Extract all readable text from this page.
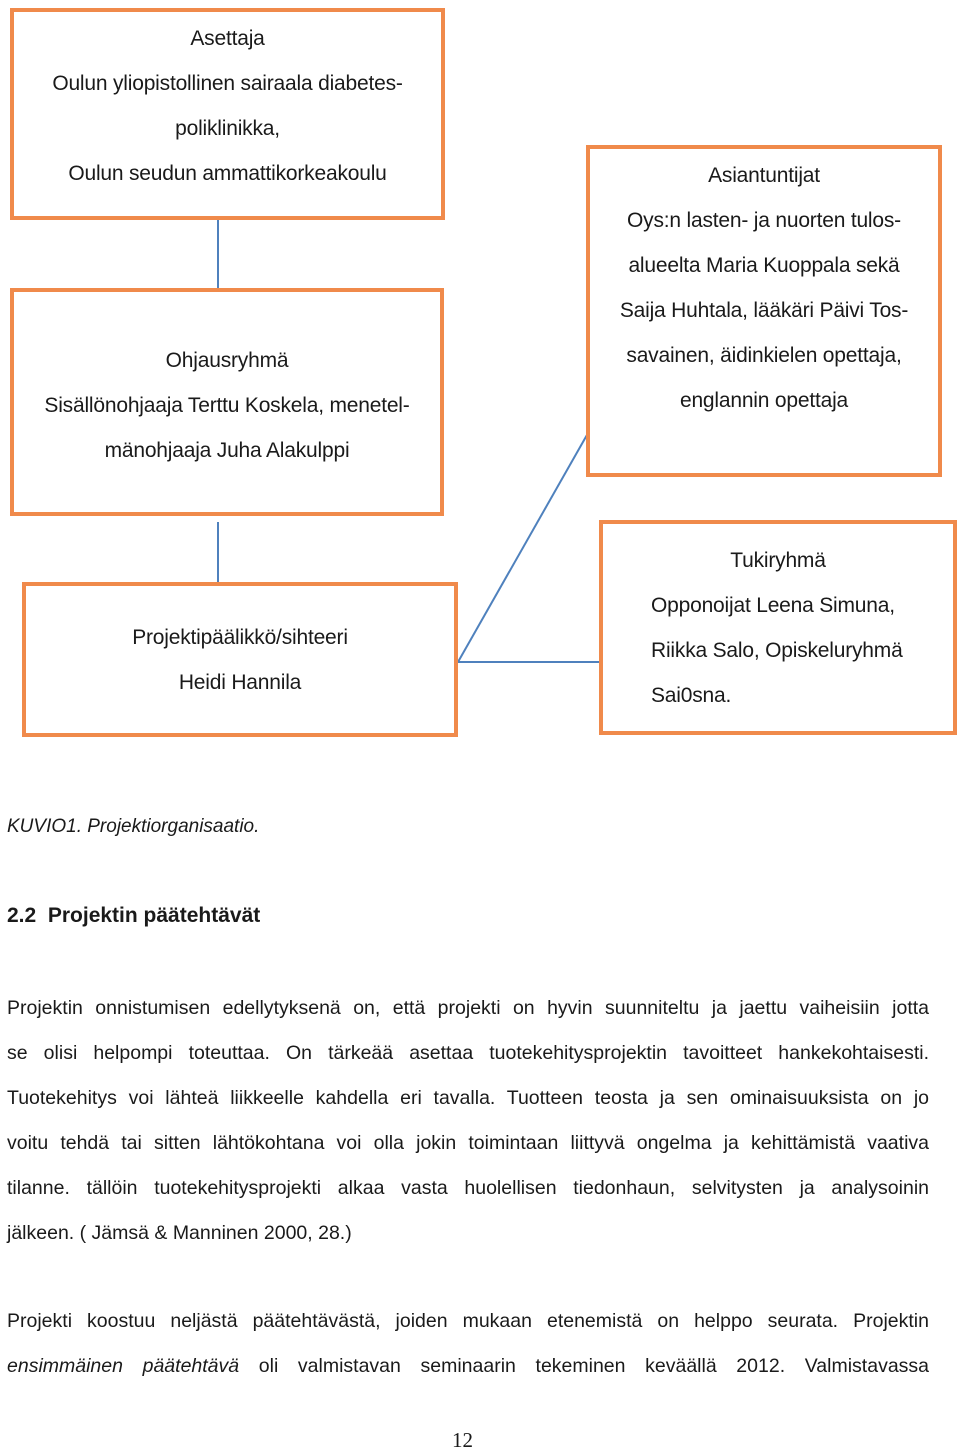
Asettaja
Oulun yliopistollinen sairaala diabetes-
poliklinikka,
Oulun seudun ammattikorkeakoulu
Ohjausryhmä
Sisällönohjaaja Terttu Koskela, menetel-
mänohjaaja Juha Alakulppi
Asiantuntijat
Oys:n lasten- ja nuorten tulos-
alueelta Maria Kuoppala sekä
Saija Huhtala, lääkäri Päivi Tos-
savainen, äidinkielen opettaja,
englannin opettaja
Projektipäälikkö/sihteeri
Heidi Hannila
Tukiryhmä
Opponoijat Leena Simuna,
Riikka Salo, Opiskeluryhmä
Sai0sna.
KUVIO1. Projektiorganisaatio.
2.2  Projektin päätehtävät
Projektin onnistumisen edellytyksenä on, että projekti on hyvin suunniteltu ja jaettu vaiheisiin jotta
se olisi helpompi toteuttaa. On tärkeää asettaa tuotekehitysprojektin tavoitteet hankekohtaisesti.
Tuotekehitys voi lähteä liikkeelle kahdella eri tavalla. Tuotteen teosta ja sen ominaisuuksista on jo
voitu tehdä tai sitten lähtökohtana voi olla jokin toimintaan liittyvä ongelma ja kehittämistä vaativa
tilanne. tällöin tuotekehitysprojekti alkaa vasta huolellisen tiedonhaun, selvitysten ja analysoinin
jälkeen. ( Jämsä & Manninen 2000, 28.)
Projekti koostuu neljästä päätehtävästä, joiden mukaan etenemistä on helppo seurata. Projektin
ensimmäinen päätehtävä oli valmistavan seminaarin tekeminen keväällä 2012. Valmistavassa
12
